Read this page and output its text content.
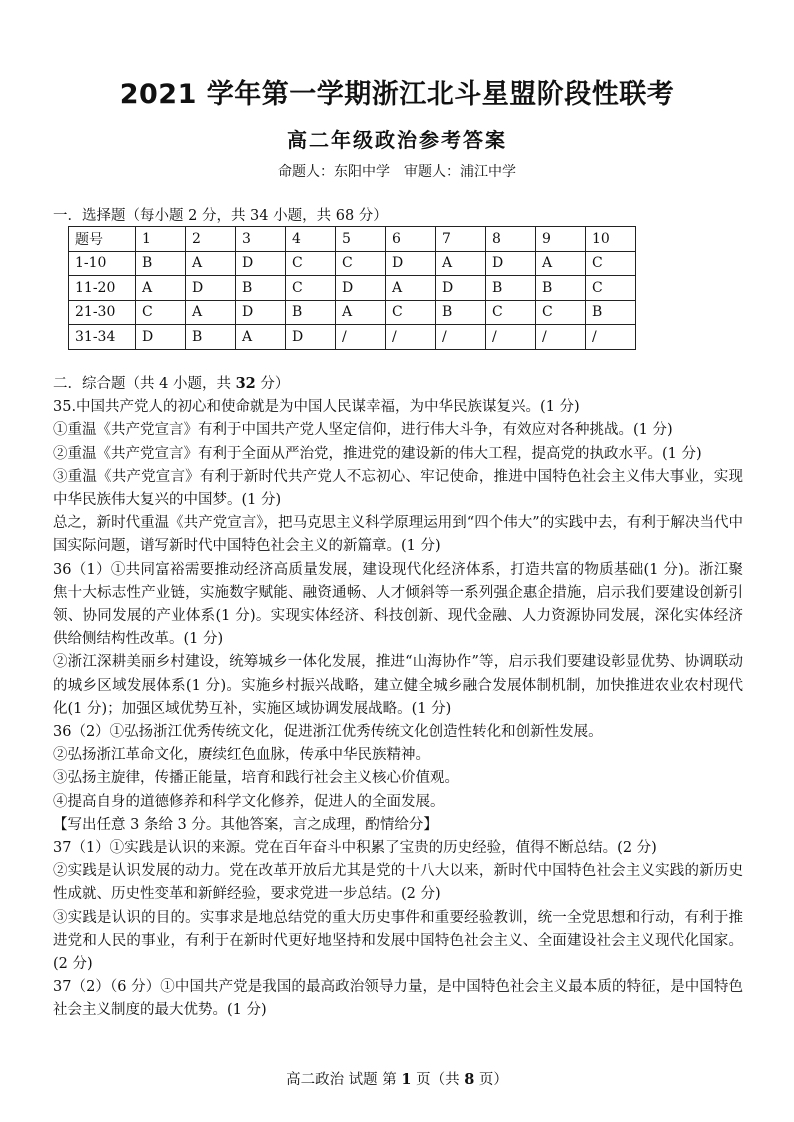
2021 学年第一学期浙江北斗星盟阶段性联考
高二年级政治参考答案
命题人：东阳中学 审题人：浦江中学
一．选择题（每小题 2 分，共 34 小题，共 68 分）
题号	1	2	3	4	5	6	7	8	9	10
1-10	B	A	D	C	C	D	A	D	A	C
11-20	A	D	B	C	D	A	D	B	B	C
21-30	C	A	D	B	A	C	B	C	C	B
31-34	D	B	A	D	/	/	/	/	/	/

二．综合题（共 4 小题，共 32 分）

35.中国共产党人的初心和使命就是为中国人民谋幸福，为中华民族谋复兴。(1 分)

①重温《共产党宣言》有利于中国共产党人坚定信仰，进行伟大斗争，有效应对各种挑战。(1 分)

②重温《共产党宣言》有利于全面从严治党，推进党的建设新的伟大工程，提高党的执政水平。(1 分)

③重温《共产党宣言》有利于新时代共产党人不忘初心、牢记使命，推进中国特色社会主义伟大事业，实现中华民族伟大复兴的中国梦。(1 分)

总之，新时代重温《共产党宣言》，把马克思主义科学原理运用到“四个伟大”的实践中去，有利于解决当代中国实际问题，谱写新时代中国特色社会主义的新篇章。(1 分)

36（1）①共同富裕需要推动经济高质量发展，建设现代化经济体系，打造共富的物质基础(1 分)。浙江聚焦十大标志性产业链，实施数字赋能、融资通畅、人才倾斜等一系列强企惠企措施，启示我们要建设创新引领、协同发展的产业体系(1 分)。实现实体经济、科技创新、现代金融、人力资源协同发展，深化实体经济供给侧结构性改革。(1 分)

②浙江深耕美丽乡村建设，统筹城乡一体化发展，推进“山海协作”等，启示我们要建设彰显优势、协调联动的城乡区域发展体系(1 分)。实施乡村振兴战略，建立健全城乡融合发展体制机制，加快推进农业农村现代化(1 分)；加强区域优势互补，实施区域协调发展战略。(1 分)

36（2）①弘扬浙江优秀传统文化，促进浙江优秀传统文化创造性转化和创新性发展。

②弘扬浙江革命文化，赓续红色血脉，传承中华民族精神。

③弘扬主旋律，传播正能量，培育和践行社会主义核心价值观。

④提高自身的道德修养和科学文化修养，促进人的全面发展。

【写出任意 3 条给 3 分。其他答案，言之成理，酌情给分】

37（1）①实践是认识的来源。党在百年奋斗中积累了宝贵的历史经验，值得不断总结。(2 分)

②实践是认识发展的动力。党在改革开放后尤其是党的十八大以来，新时代中国特色社会主义实践的新历史性成就、历史性变革和新鲜经验，要求党进一步总结。(2 分)

③实践是认识的目的。实事求是地总结党的重大历史事件和重要经验教训，统一全党思想和行动，有利于推进党和人民的事业，有利于在新时代更好地坚持和发展中国特色社会主义、全面建设社会主义现代化国家。(2 分)

37（2）（6 分）①中国共产党是我国的最高政治领导力量，是中国特色社会主义最本质的特征，是中国特色社会主义制度的最大优势。(1 分)

高二政治 试题 第 1 页（共 8 页）
